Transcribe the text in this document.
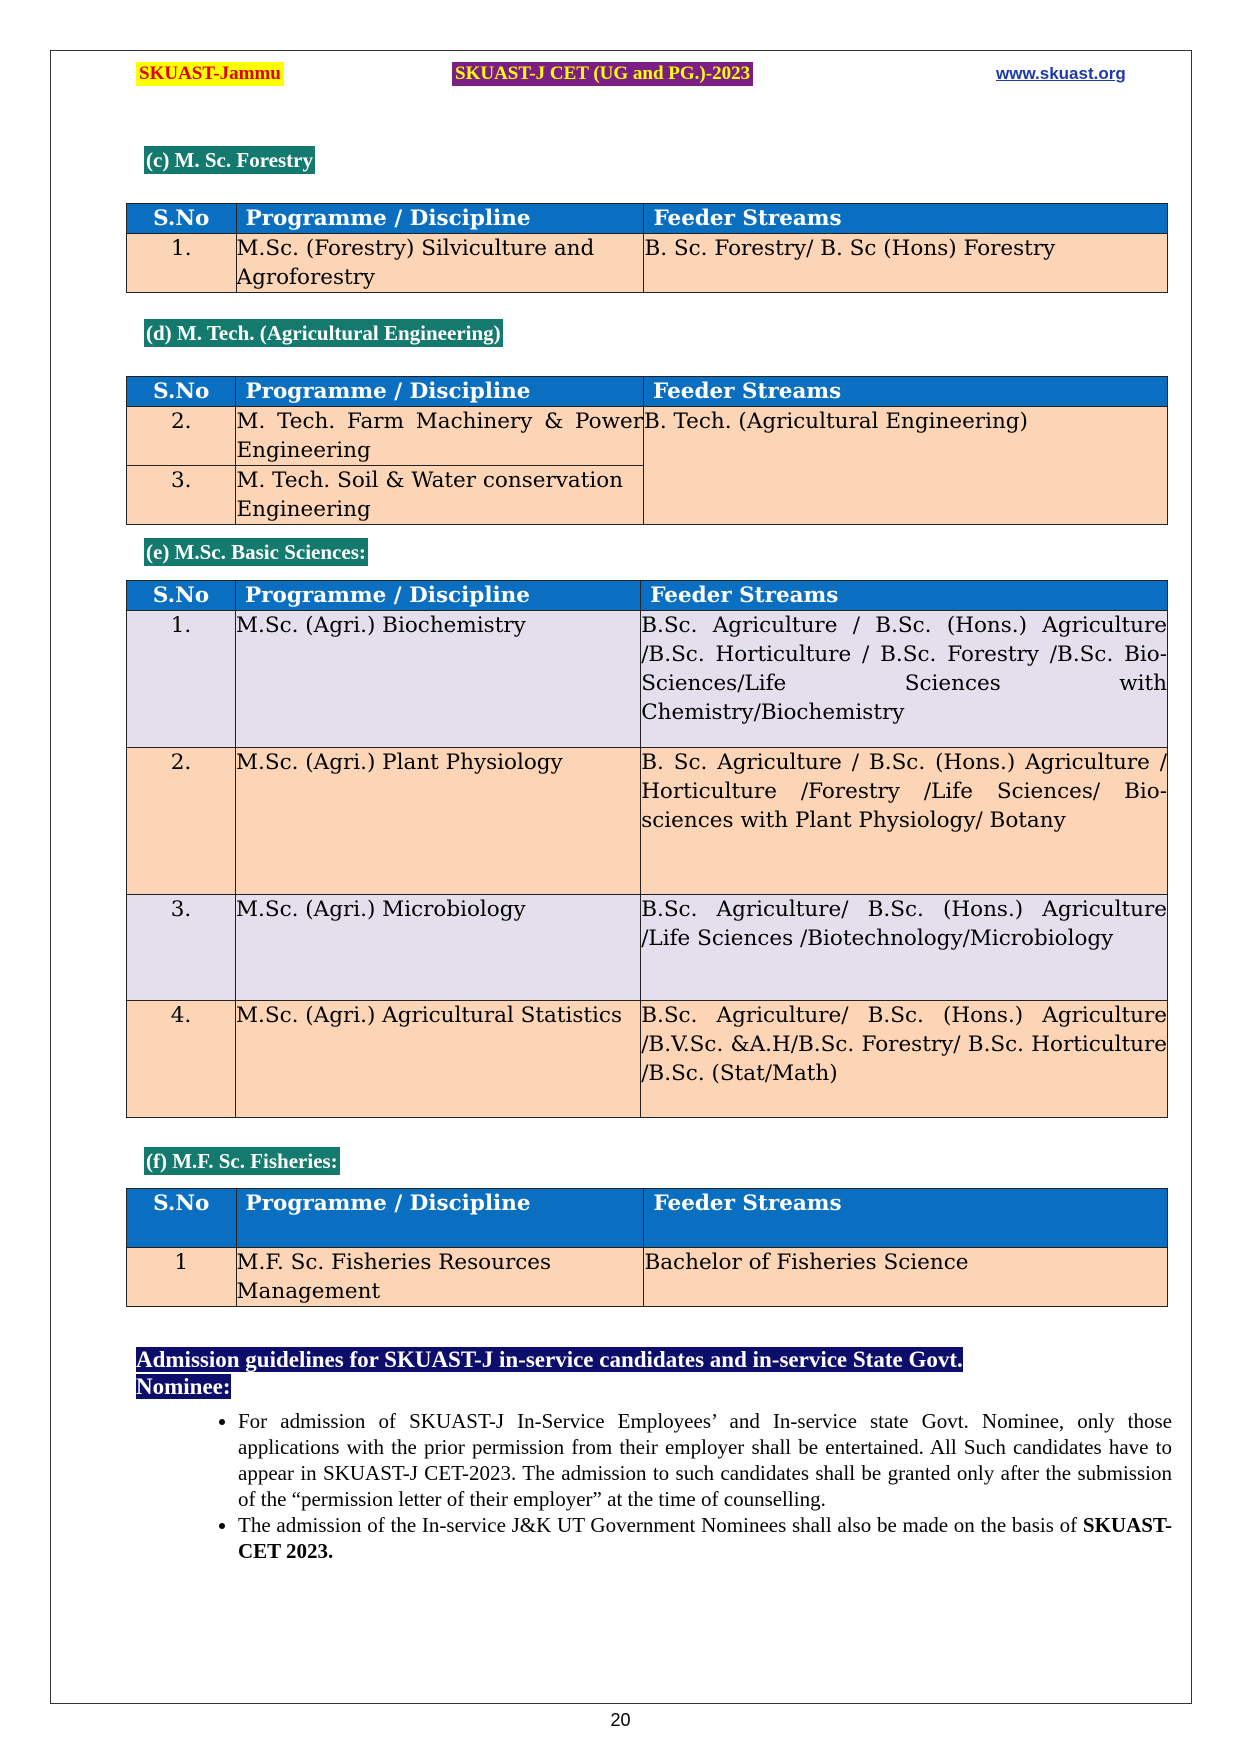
SKUAST-Jammu	SKUAST-J CET (UG and PG.)-2023	www.skuast.org
(c) M. Sc. Forestry
S.No	Programme / Discipline	Feeder Streams
1.	M.Sc. (Forestry) Silviculture and Agroforestry	B. Sc. Forestry/ B. Sc (Hons) Forestry
(d) M. Tech. (Agricultural Engineering)
S.No	Programme / Discipline	Feeder Streams
2.	M. Tech. Farm Machinery & Power Engineering	B. Tech. (Agricultural Engineering)
3.	M. Tech. Soil & Water conservation Engineering	
(e) M.Sc. Basic Sciences:
S.No	Programme / Discipline	Feeder Streams
1.	M.Sc. (Agri.) Biochemistry	B.Sc. Agriculture / B.Sc. (Hons.) Agriculture /B.Sc. Horticulture / B.Sc. Forestry /B.Sc. Bio-Sciences/Life Sciences with Chemistry/Biochemistry
2.	M.Sc. (Agri.) Plant Physiology	B. Sc. Agriculture / B.Sc. (Hons.) Agriculture / Horticulture /Forestry /Life Sciences/ Bio-sciences with Plant Physiology/ Botany
3.	M.Sc. (Agri.) Microbiology	B.Sc. Agriculture/ B.Sc. (Hons.) Agriculture /Life Sciences /Biotechnology/Microbiology
4.	M.Sc. (Agri.) Agricultural Statistics	B.Sc. Agriculture/ B.Sc. (Hons.) Agriculture /B.V.Sc. &A.H/B.Sc. Forestry/ B.Sc. Horticulture /B.Sc. (Stat/Math)
(f) M.F. Sc. Fisheries:
S.No	Programme / Discipline	Feeder Streams
1	M.F. Sc. Fisheries Resources Management	Bachelor of Fisheries Science
Admission guidelines for SKUAST-J in-service candidates and in-service State Govt. Nominee:
• For admission of SKUAST-J In-Service Employees’ and In-service state Govt. Nominee, only those applications with the prior permission from their employer shall be entertained. All Such candidates have to appear in SKUAST-J CET-2023. The admission to such candidates shall be granted only after the submission of the “permission letter of their employer” at the time of counselling.
• The admission of the In-service J&K UT Government Nominees shall also be made on the basis of SKUAST-CET 2023.
20
